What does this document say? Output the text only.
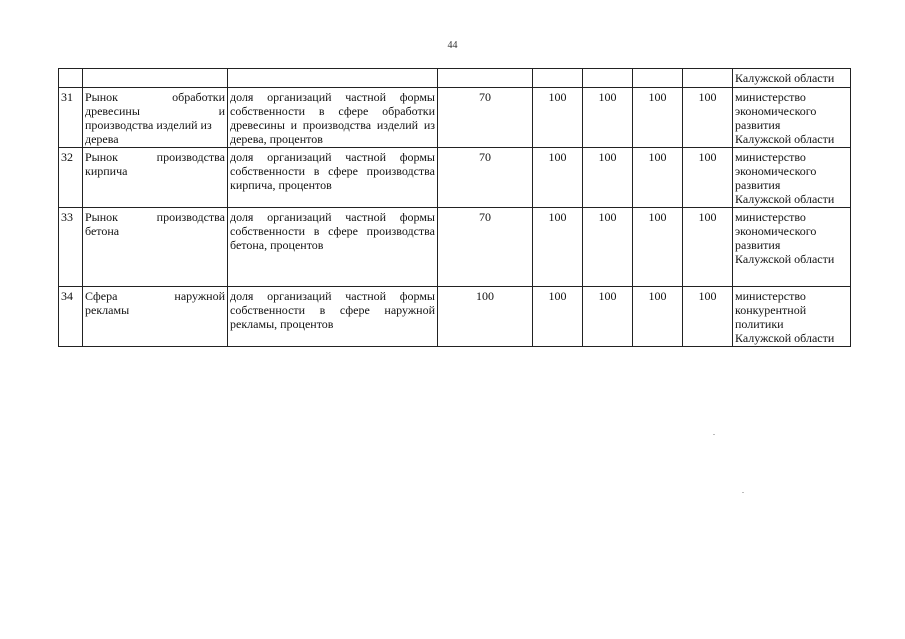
44
								Калужской области
31	Рынок обработки
древесины и
производства изделий из
дерева	доля организаций частной формы собственности в сфере обработки древесины и производства изделий из дерева, процентов	70	100	100	100	100	министерство
экономического
развития
Калужской области

32	Рынок производства
кирпича	доля организаций частной формы собственности в сфере производства кирпича, процентов	70	100	100	100	100	министерство
экономического
развития
Калужской области

33	Рынок производства
бетона	доля организаций частной формы собственности в сфере производства бетона, процентов	70	100	100	100	100	министерство
экономического
развития
Калужской области

34	Сфера наружной
рекламы	доля организаций частной формы собственности в сфере наружной рекламы, процентов	100	100	100	100	100	министерство
конкурентной
политики
Калужской области
